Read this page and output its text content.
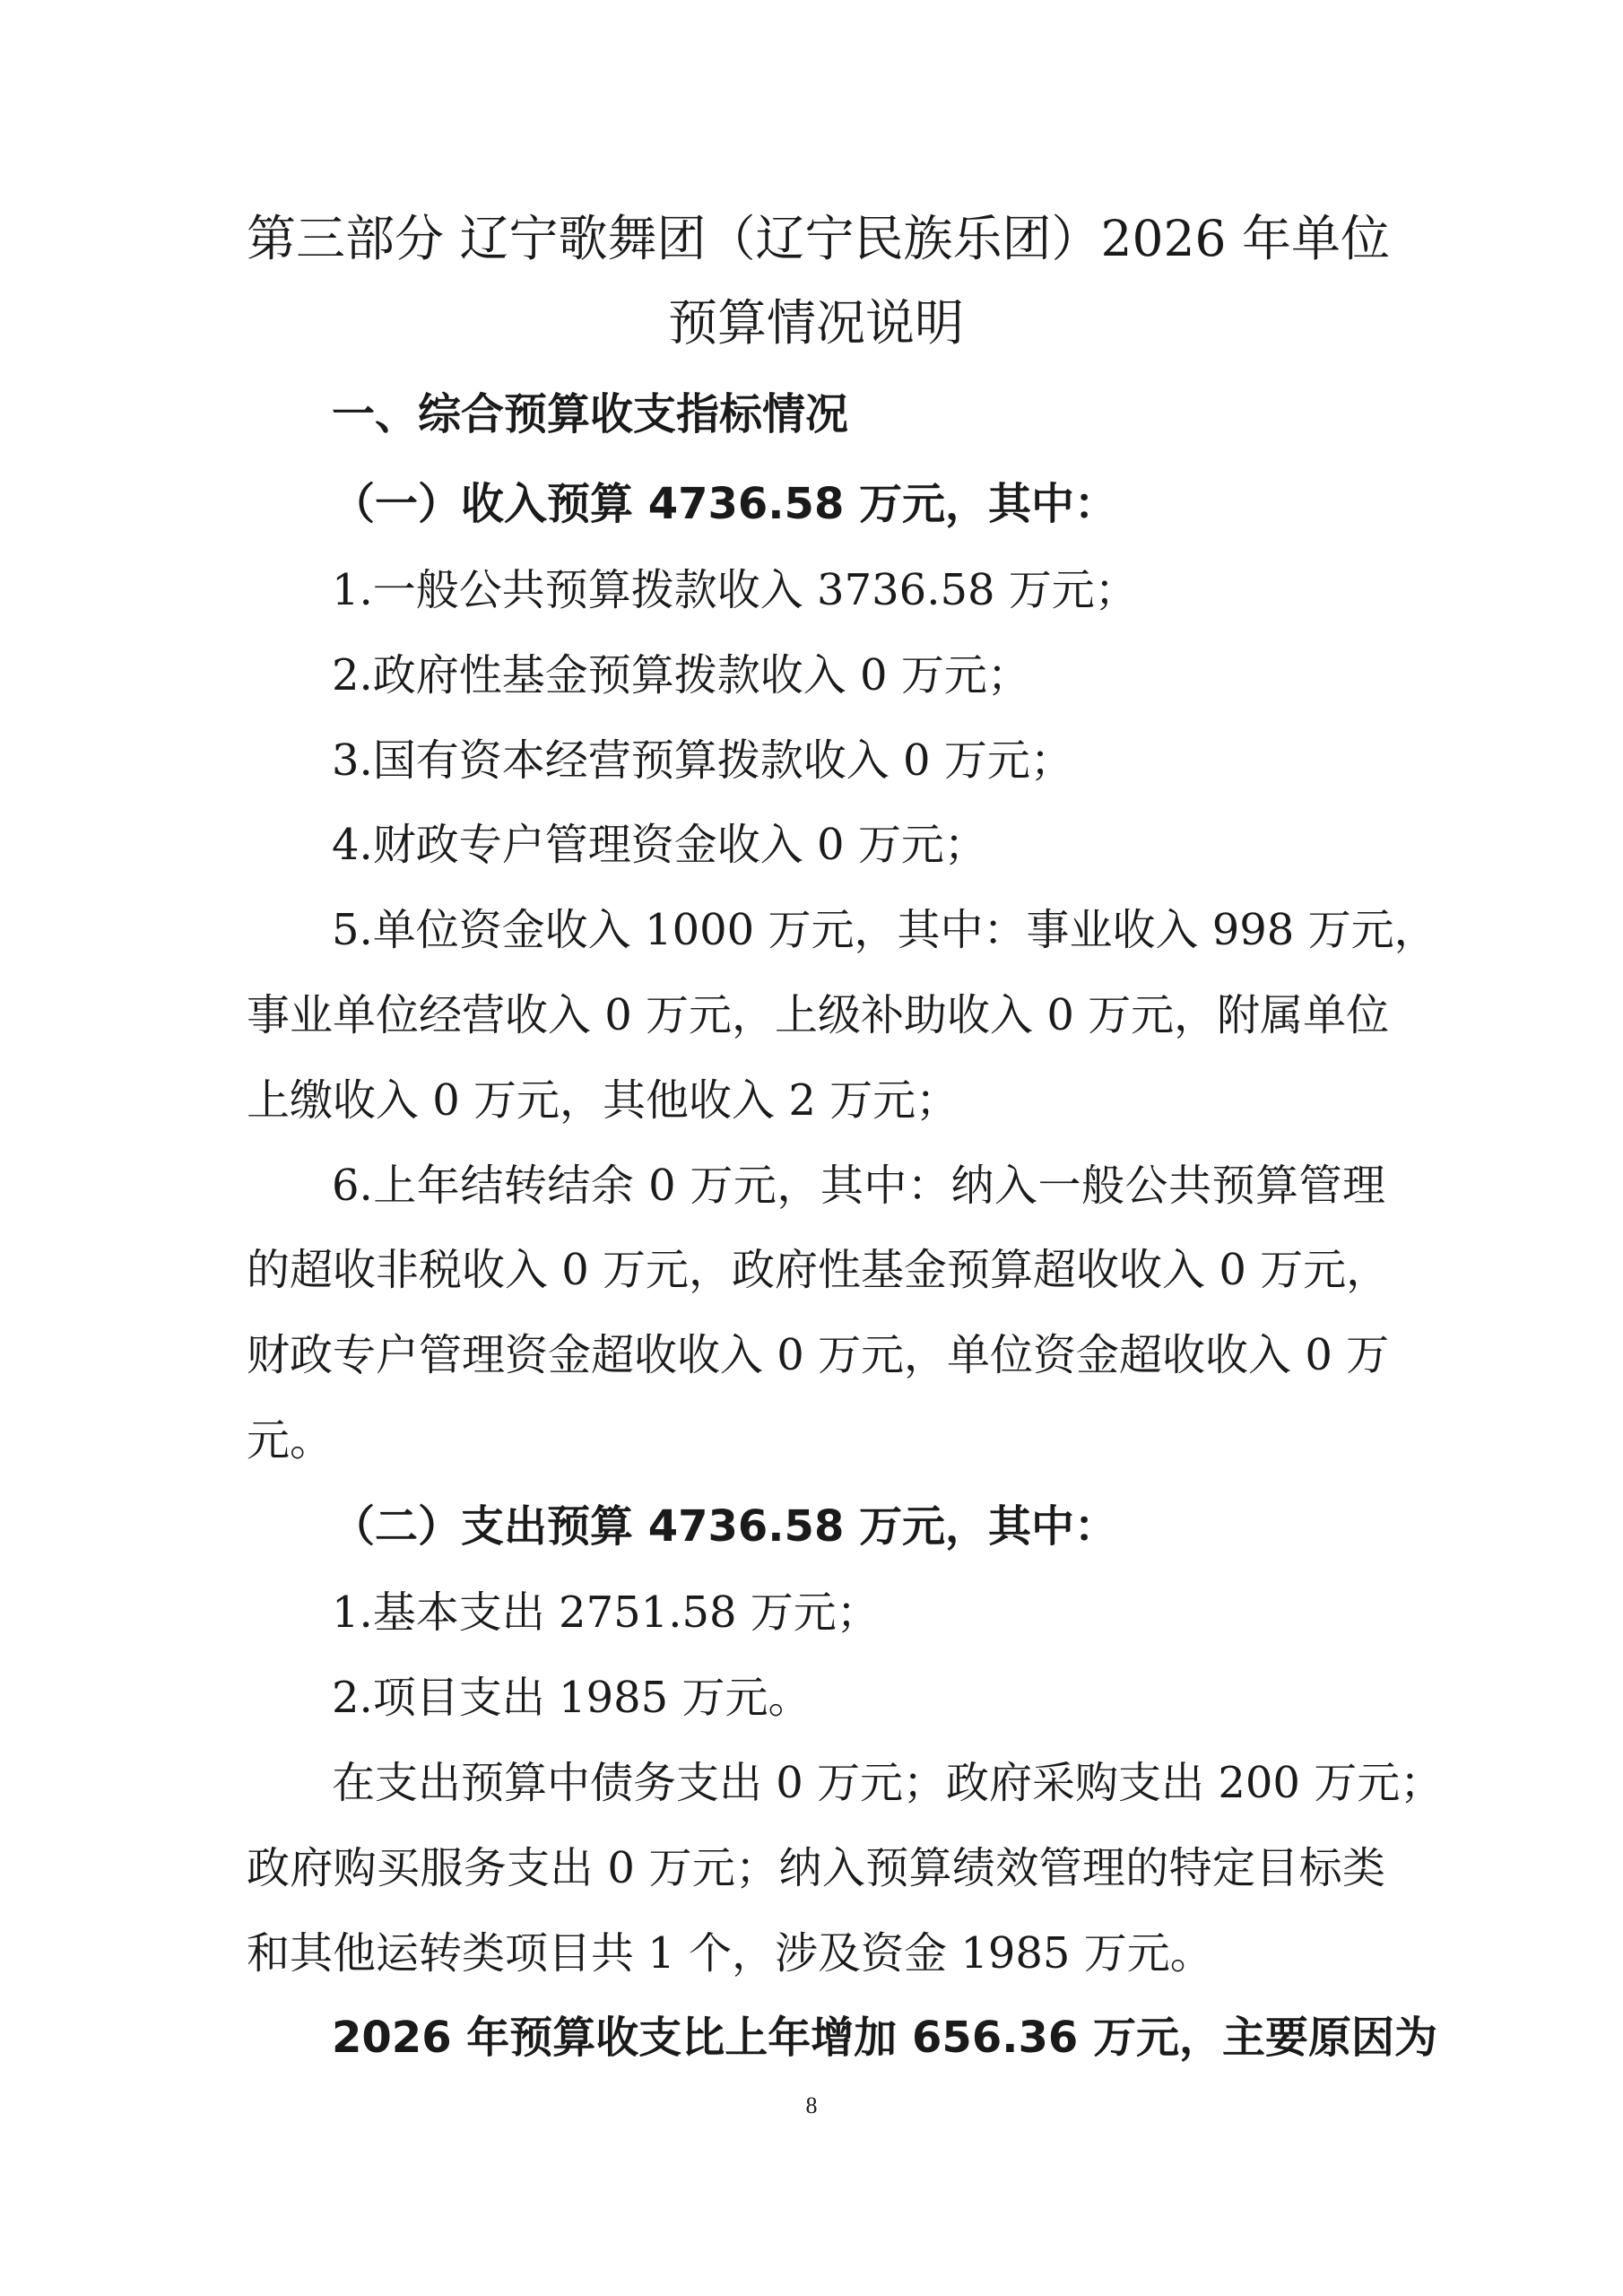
第三部分 辽宁歌舞团（辽宁民族乐团）2026 年单位
预算情况说明
一、综合预算收支指标情况
（一）收入预算 4736.58 万元，其中：
1.一般公共预算拨款收入 3736.58 万元；
2.政府性基金预算拨款收入 0 万元；
3.国有资本经营预算拨款收入 0 万元；
4.财政专户管理资金收入 0 万元；
5.单位资金收入 1000 万元，其中：事业收入 998 万元，
事业单位经营收入 0 万元，上级补助收入 0 万元，附属单位
上缴收入 0 万元，其他收入 2 万元；
6.上年结转结余 0 万元，其中：纳入一般公共预算管理
的超收非税收入 0 万元，政府性基金预算超收收入 0 万元，
财政专户管理资金超收收入 0 万元，单位资金超收收入 0 万
元。
（二）支出预算 4736.58 万元，其中：
1.基本支出 2751.58 万元；
2.项目支出 1985 万元。
在支出预算中债务支出 0 万元；政府采购支出 200 万元；
政府购买服务支出 0 万元；纳入预算绩效管理的特定目标类
和其他运转类项目共 1 个，涉及资金 1985 万元。
2026 年预算收支比上年增加 656.36 万元，主要原因为
8
